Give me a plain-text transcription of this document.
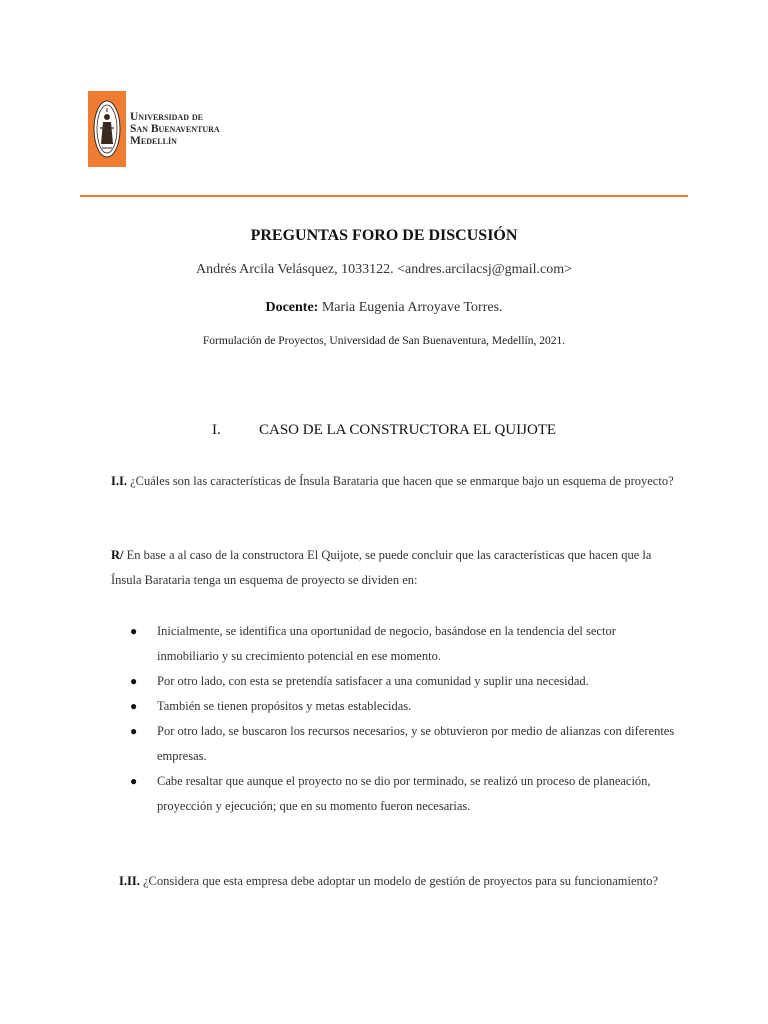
Universidad de
San Buenaventura
Medellín
PREGUNTAS FORO DE DISCUSIÓN
Andrés Arcila Velásquez, 1033122. <andres.arcilacsj@gmail.com>
Docente: Maria Eugenia Arroyave Torres.
Formulación de Proyectos, Universidad de San Buenaventura, Medellín, 2021.
I.	CASO DE LA CONSTRUCTORA EL QUIJOTE
I.I. ¿Cuáles son las características de Ínsula Barataria que hacen que se enmarque bajo un esquema de proyecto?
R/ En base a al caso de la constructora El Quijote, se puede concluir que las características que hacen que la Ínsula Barataria tenga un esquema de proyecto se dividen en:
● Inicialmente, se identifica una oportunidad de negocio, basándose en la tendencia del sector inmobiliario y su crecimiento potencial en ese momento.
● Por otro lado, con esta se pretendía satisfacer a una comunidad y suplir una necesidad.
● También se tienen propósitos y metas establecidas.
● Por otro lado, se buscaron los recursos necesarios, y se obtuvieron por medio de alianzas con diferentes empresas.
● Cabe resaltar que aunque el proyecto no se dio por terminado, se realizó un proceso de planeación, proyección y ejecución; que en su momento fueron necesarias.
I.II. ¿Considera que esta empresa debe adoptar un modelo de gestión de proyectos para su funcionamiento?
